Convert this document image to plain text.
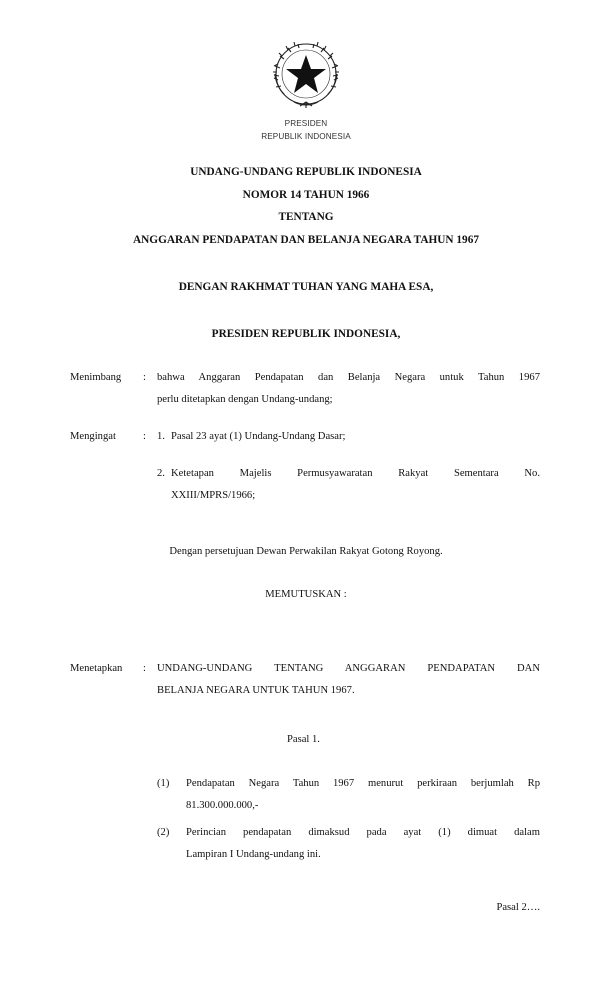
PRESIDEN
REPUBLIK INDONESIA
UNDANG-UNDANG REPUBLIK INDONESIA
NOMOR 14 TAHUN 1966
TENTANG
ANGGARAN PENDAPATAN DAN BELANJA NEGARA TAHUN 1967
DENGAN RAKHMAT TUHAN YANG MAHA ESA,
PRESIDEN REPUBLIK INDONESIA,
Menimbang : bahwa Anggaran Pendapatan dan Belanja Negara untuk Tahun 1967
perlu ditetapkan dengan Undang-undang;
Mengingat	: 1. Pasal 23 ayat (1) Undang-Undang Dasar;
2. Ketetapan Majelis Permusyawaratan Rakyat Sementara No.
XXIII/MPRS/1966;
Dengan persetujuan Dewan Perwakilan Rakyat Gotong Royong.
MEMUTUSKAN :
Menetapkan : UNDANG-UNDANG TENTANG ANGGARAN PENDAPATAN DAN
BELANJA NEGARA UNTUK TAHUN 1967.
Pasal 1.
(1) Pendapatan Negara Tahun 1967 menurut perkiraan berjumlah Rp
81.300.000.000,-
(2) Perincian pendapatan dimaksud pada ayat (1) dimuat dalam
Lampiran I Undang-undang ini.
Pasal 2….
